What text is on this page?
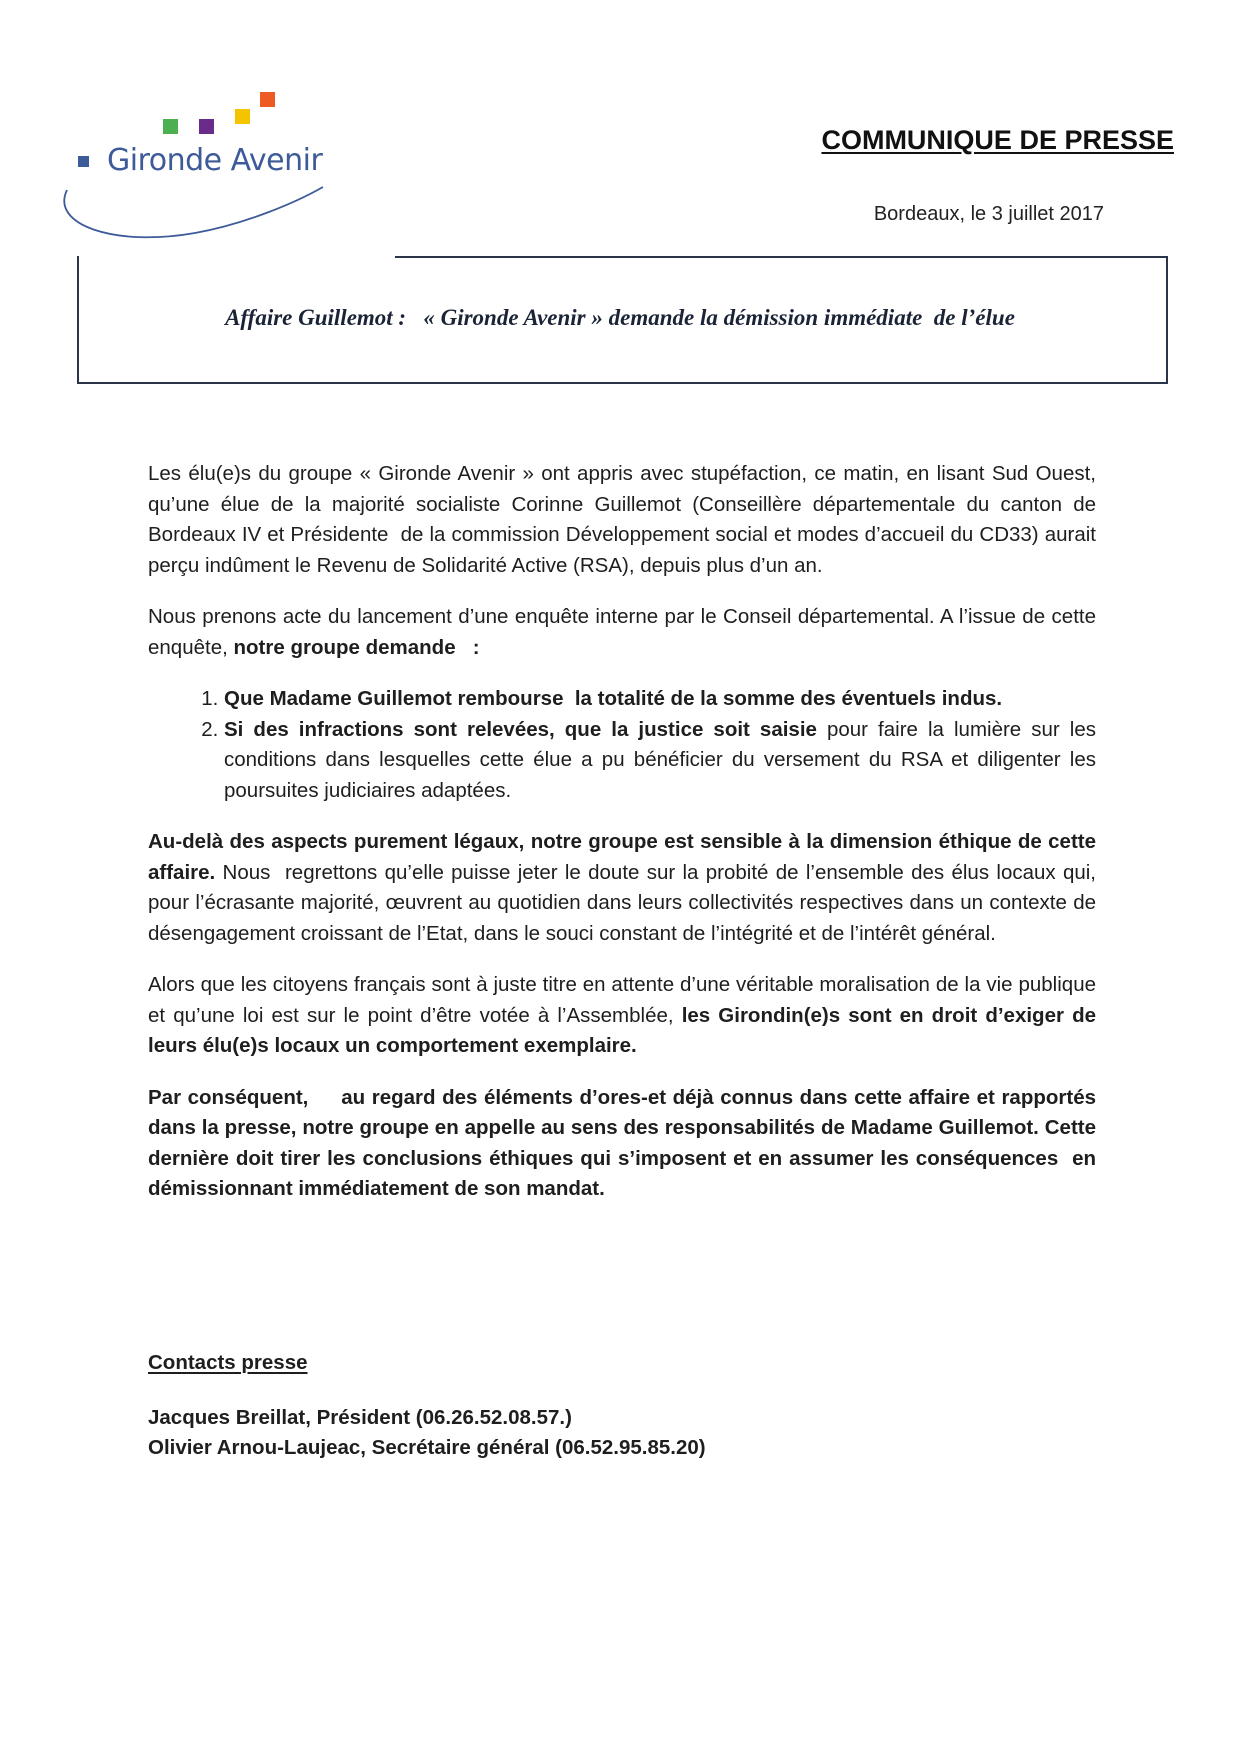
Gironde Avenir
COMMUNIQUE DE PRESSE
Bordeaux, le 3 juillet 2017
Affaire Guillemot :   « Gironde Avenir » demande la démission immédiate  de l’élue

Les élu(e)s du groupe « Gironde Avenir » ont appris avec stupéfaction, ce matin, en lisant Sud Ouest, qu’une élue de la majorité socialiste Corinne Guillemot (Conseillère départementale du canton de Bordeaux IV et Présidente  de la commission Développement social et modes d’accueil du CD33) aurait perçu indûment le Revenu de Solidarité Active (RSA), depuis plus d’un an.

Nous prenons acte du lancement d’une enquête interne par le Conseil départemental. A l’issue de cette enquête, notre groupe demande   :

1. Que Madame Guillemot rembourse  la totalité de la somme des éventuels indus.
2. Si des infractions sont relevées, que la justice soit saisie pour faire la lumière sur les conditions dans lesquelles cette élue a pu bénéficier du versement du RSA et diligenter les poursuites judiciaires adaptées.

Au-delà des aspects purement légaux, notre groupe est sensible à la dimension éthique de cette affaire. Nous  regrettons qu’elle puisse jeter le doute sur la probité de l’ensemble des élus locaux qui, pour l’écrasante majorité, œuvrent au quotidien dans leurs collectivités respectives dans un contexte de désengagement croissant de l’Etat, dans le souci constant de l’intégrité et de l’intérêt général.

Alors que les citoyens français sont à juste titre en attente d’une véritable moralisation de la vie publique et qu’une loi est sur le point d’être votée à l’Assemblée, les Girondin(e)s sont en droit d’exiger de leurs élu(e)s locaux un comportement exemplaire.

Par conséquent,     au regard des éléments d’ores-et déjà connus dans cette affaire et rapportés dans la presse, notre groupe en appelle au sens des responsabilités de Madame Guillemot. Cette dernière doit tirer les conclusions éthiques qui s’imposent et en assumer les conséquences  en démissionnant immédiatement de son mandat.

Contacts presse
Jacques Breillat, Président (06.26.52.08.57.)
Olivier Arnou-Laujeac, Secrétaire général (06.52.95.85.20)
